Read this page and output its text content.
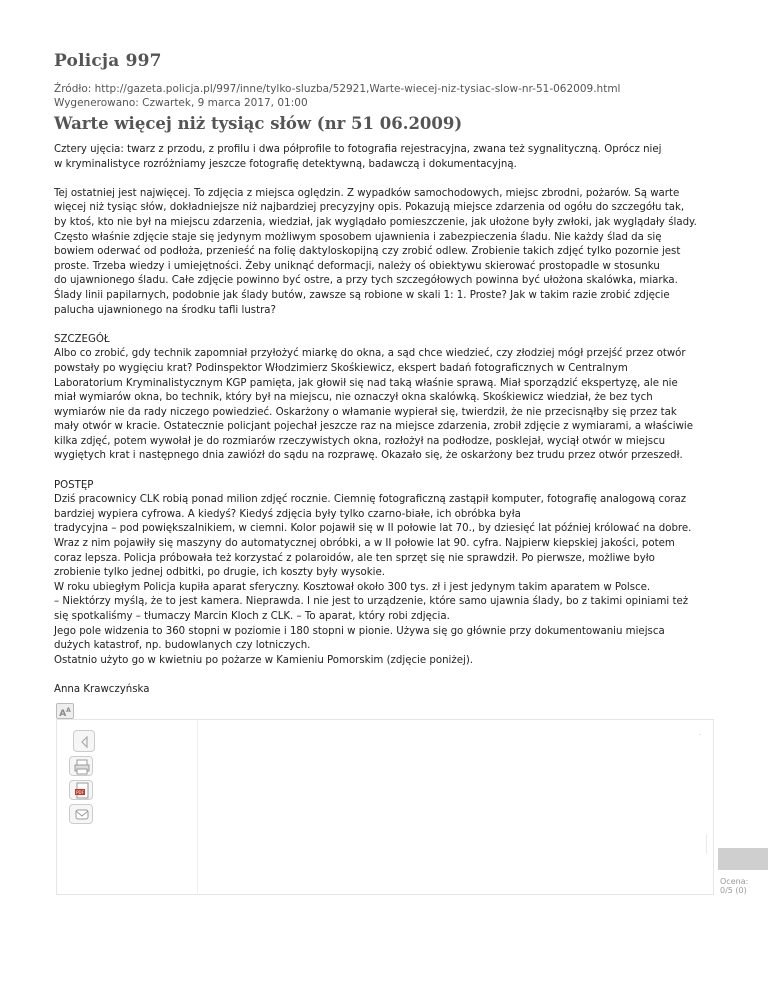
Policja 997
Źródło: http://gazeta.policja.pl/997/inne/tylko-sluzba/52921,Warte-wiecej-niz-tysiac-slow-nr-51-062009.html
Wygenerowano: Czwartek, 9 marca 2017, 01:00
Warte więcej niż tysiąc słów (nr 51 06.2009)

Cztery ujęcia: twarz z przodu, z profilu i dwa półprofile to fotografia rejestracyjna, zwana też sygnalityczną. Oprócz niej
w kryminalistyce rozróżniamy jeszcze fotografię detektywną, badawczą i dokumentacyjną.

Tej ostatniej jest najwięcej. To zdjęcia z miejsca oględzin. Z wypadków samochodowych, miejsc zbrodni, pożarów. Są warte
więcej niż tysiąc słów, dokładniejsze niż najbardziej precyzyjny opis. Pokazują miejsce zdarzenia od ogółu do szczegółu tak,
by ktoś, kto nie był na miejscu zdarzenia, wiedział, jak wyglądało pomieszczenie, jak ułożone były zwłoki, jak wyglądały ślady.
Często właśnie zdjęcie staje się jedynym możliwym sposobem ujawnienia i zabezpieczenia śladu. Nie każdy ślad da się
bowiem oderwać od podłoża, przenieść na folię daktyloskopijną czy zrobić odlew. Zrobienie takich zdjęć tylko pozornie jest
proste. Trzeba wiedzy i umiejętności. Żeby uniknąć deformacji, należy oś obiektywu skierować prostopadle w stosunku
do ujawnionego śladu. Całe zdjęcie powinno być ostre, a przy tych szczegółowych powinna być ułożona skalówka, miarka.
Ślady linii papilarnych, podobnie jak ślady butów, zawsze są robione w skali 1: 1. Proste? Jak w takim razie zrobić zdjęcie
palucha ujawnionego na środku tafli lustra?

SZCZEGÓŁ
Albo co zrobić, gdy technik zapomniał przyłożyć miarkę do okna, a sąd chce wiedzieć, czy złodziej mógł przejść przez otwór
powstały po wygięciu krat? Podinspektor Włodzimierz Skośkiewicz, ekspert badań fotograficznych w Centralnym
Laboratorium Kryminalistycznym KGP pamięta, jak głowił się nad taką właśnie sprawą. Miał sporządzić ekspertyzę, ale nie
miał wymiarów okna, bo technik, który był na miejscu, nie oznaczył okna skalówką. Skośkiewicz wiedział, że bez tych
wymiarów nie da rady niczego powiedzieć. Oskarżony o włamanie wypierał się, twierdził, że nie przecisnąłby się przez tak
mały otwór w kracie. Ostatecznie policjant pojechał jeszcze raz na miejsce zdarzenia, zrobił zdjęcie z wymiarami, a właściwie
kilka zdjęć, potem wywołał je do rozmiarów rzeczywistych okna, rozłożył na podłodze, posklejał, wyciął otwór w miejscu
wygiętych krat i następnego dnia zawiózł do sądu na rozprawę. Okazało się, że oskarżony bez trudu przez otwór przeszedł.

POSTĘP
Dziś pracownicy CLK robią ponad milion zdjęć rocznie. Ciemnię fotograficzną zastąpił komputer, fotografię analogową coraz
bardziej wypiera cyfrowa. A kiedyś? Kiedyś zdjęcia były tylko czarno-białe, ich obróbka była
tradycyjna – pod powiększalnikiem, w ciemni. Kolor pojawił się w II połowie lat 70., by dziesięć lat później królować na dobre.
Wraz z nim pojawiły się maszyny do automatycznej obróbki, a w II połowie lat 90. cyfra. Najpierw kiepskiej jakości, potem
coraz lepsza. Policja próbowała też korzystać z polaroidów, ale ten sprzęt się nie sprawdził. Po pierwsze, możliwe było
zrobienie tylko jednej odbitki, po drugie, ich koszty były wysokie.
W roku ubiegłym Policja kupiła aparat sferyczny. Kosztował około 300 tys. zł i jest jedynym takim aparatem w Polsce.
– Niektórzy myślą, że to jest kamera. Nieprawda. I nie jest to urządzenie, które samo ujawnia ślady, bo z takimi opiniami też
się spotkaliśmy – tłumaczy Marcin Kloch z CLK. – To aparat, który robi zdjęcia.
Jego pole widzenia to 360 stopni w poziomie i 180 stopni w pionie. Używa się go głównie przy dokumentowaniu miejsca
dużych katastrof, np. budowlanych czy lotniczych.
Ostatnio użyto go w kwietniu po pożarze w Kamieniu Pomorskim (zdjęcie poniżej).

Anna Krawczyńska

$A^A$
PDF
.
Ocena: 0/5 (0)
